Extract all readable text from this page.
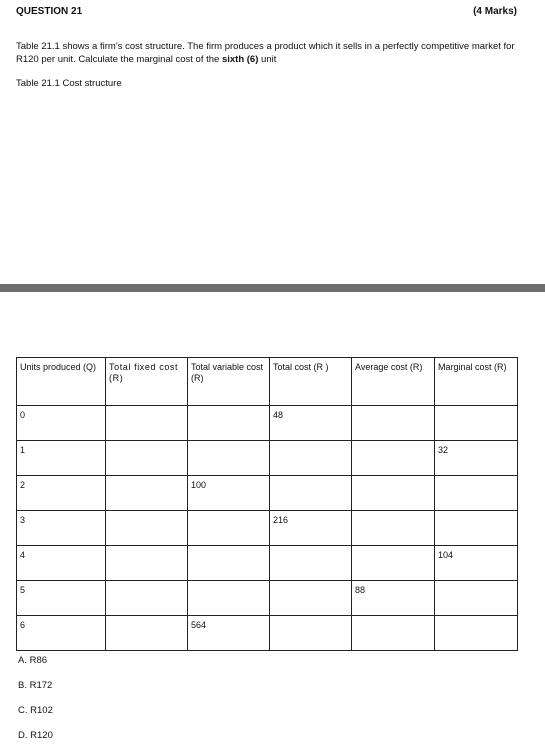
QUESTION 21	(4 Marks)
Table 21.1 shows a firm’s cost structure. The firm produces a product which it sells in a perfectly competitive market for R120 per unit. Calculate the marginal cost of the sixth (6) unit
Table 21.1 Cost structure
Units produced (Q)	Total fixed cost (R)	Total variable cost (R)	Total cost (R )	Average cost (R)	Marginal cost (R)
0			48		
1					32
2		100			
3			216		
4					104
5				88	
6		564			
A. R86
B. R172
C. R102
D. R120
